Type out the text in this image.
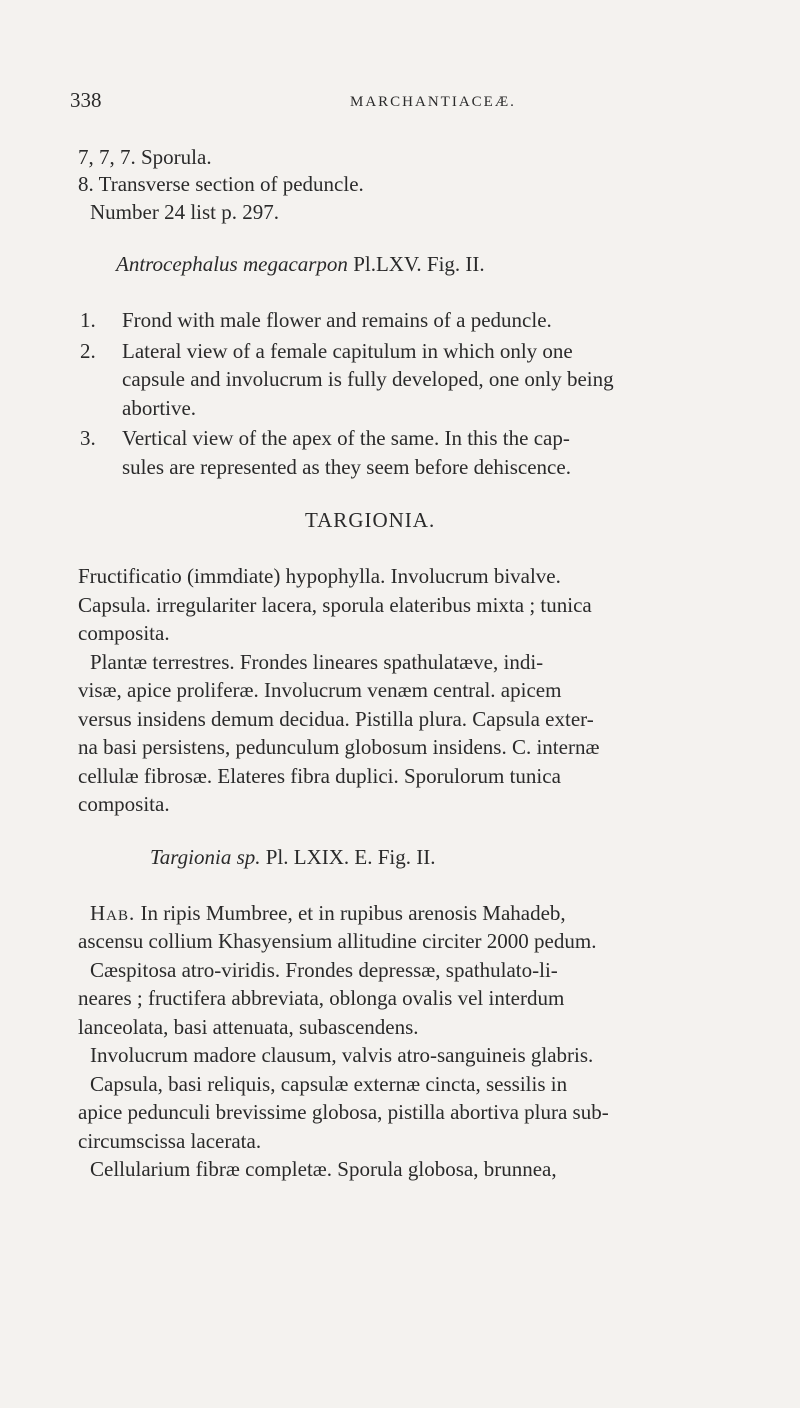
338	MARCHANTIACEÆ.
7, 7, 7. Sporula.
8. Transverse section of peduncle.
Number 24 list p. 297.
Antrocephalus megacarpon Pl.LXV. Fig. II.
1. Frond with male flower and remains of a peduncle.
2. Lateral view of a female capitulum in which only one
capsule and involucrum is fully developed, one only being
abortive.
3. Vertical view of the apex of the same. In this the cap-
sules are represented as they seem before dehiscence.
TARGIONIA.
Fructificatio (immdiate) hypophylla. Involucrum bivalve.
Capsula. irregulariter lacera, sporula elateribus mixta ; tunica
composita.
Plantæ terrestres. Frondes lineares spathulatæve, indi-
visæ, apice proliferæ. Involucrum venæm central. apicem
versus insidens demum decidua. Pistilla plura. Capsula exter-
na basi persistens, pedunculum globosum insidens. C. internæ
cellulæ fibrosæ. Elateres fibra duplici. Sporulorum tunica
composita.
Targionia sp. Pl. LXIX. E. Fig. II.
Hab. In ripis Mumbree, et in rupibus arenosis Mahadeb,
ascensu collium Khasyensium allitudine circiter 2000 pedum.
Cæspitosa atro-viridis. Frondes depressæ, spathulato-li-
neares ; fructifera abbreviata, oblonga ovalis vel interdum
lanceolata, basi attenuata, subascendens.
Involucrum madore clausum, valvis atro-sanguineis glabris.
Capsula, basi reliquis, capsulæ externæ cincta, sessilis in
apice pedunculi brevissime globosa, pistilla abortiva plura sub-
circumscissa lacerata.
Cellularium fibræ completæ. Sporula globosa, brunnea,
